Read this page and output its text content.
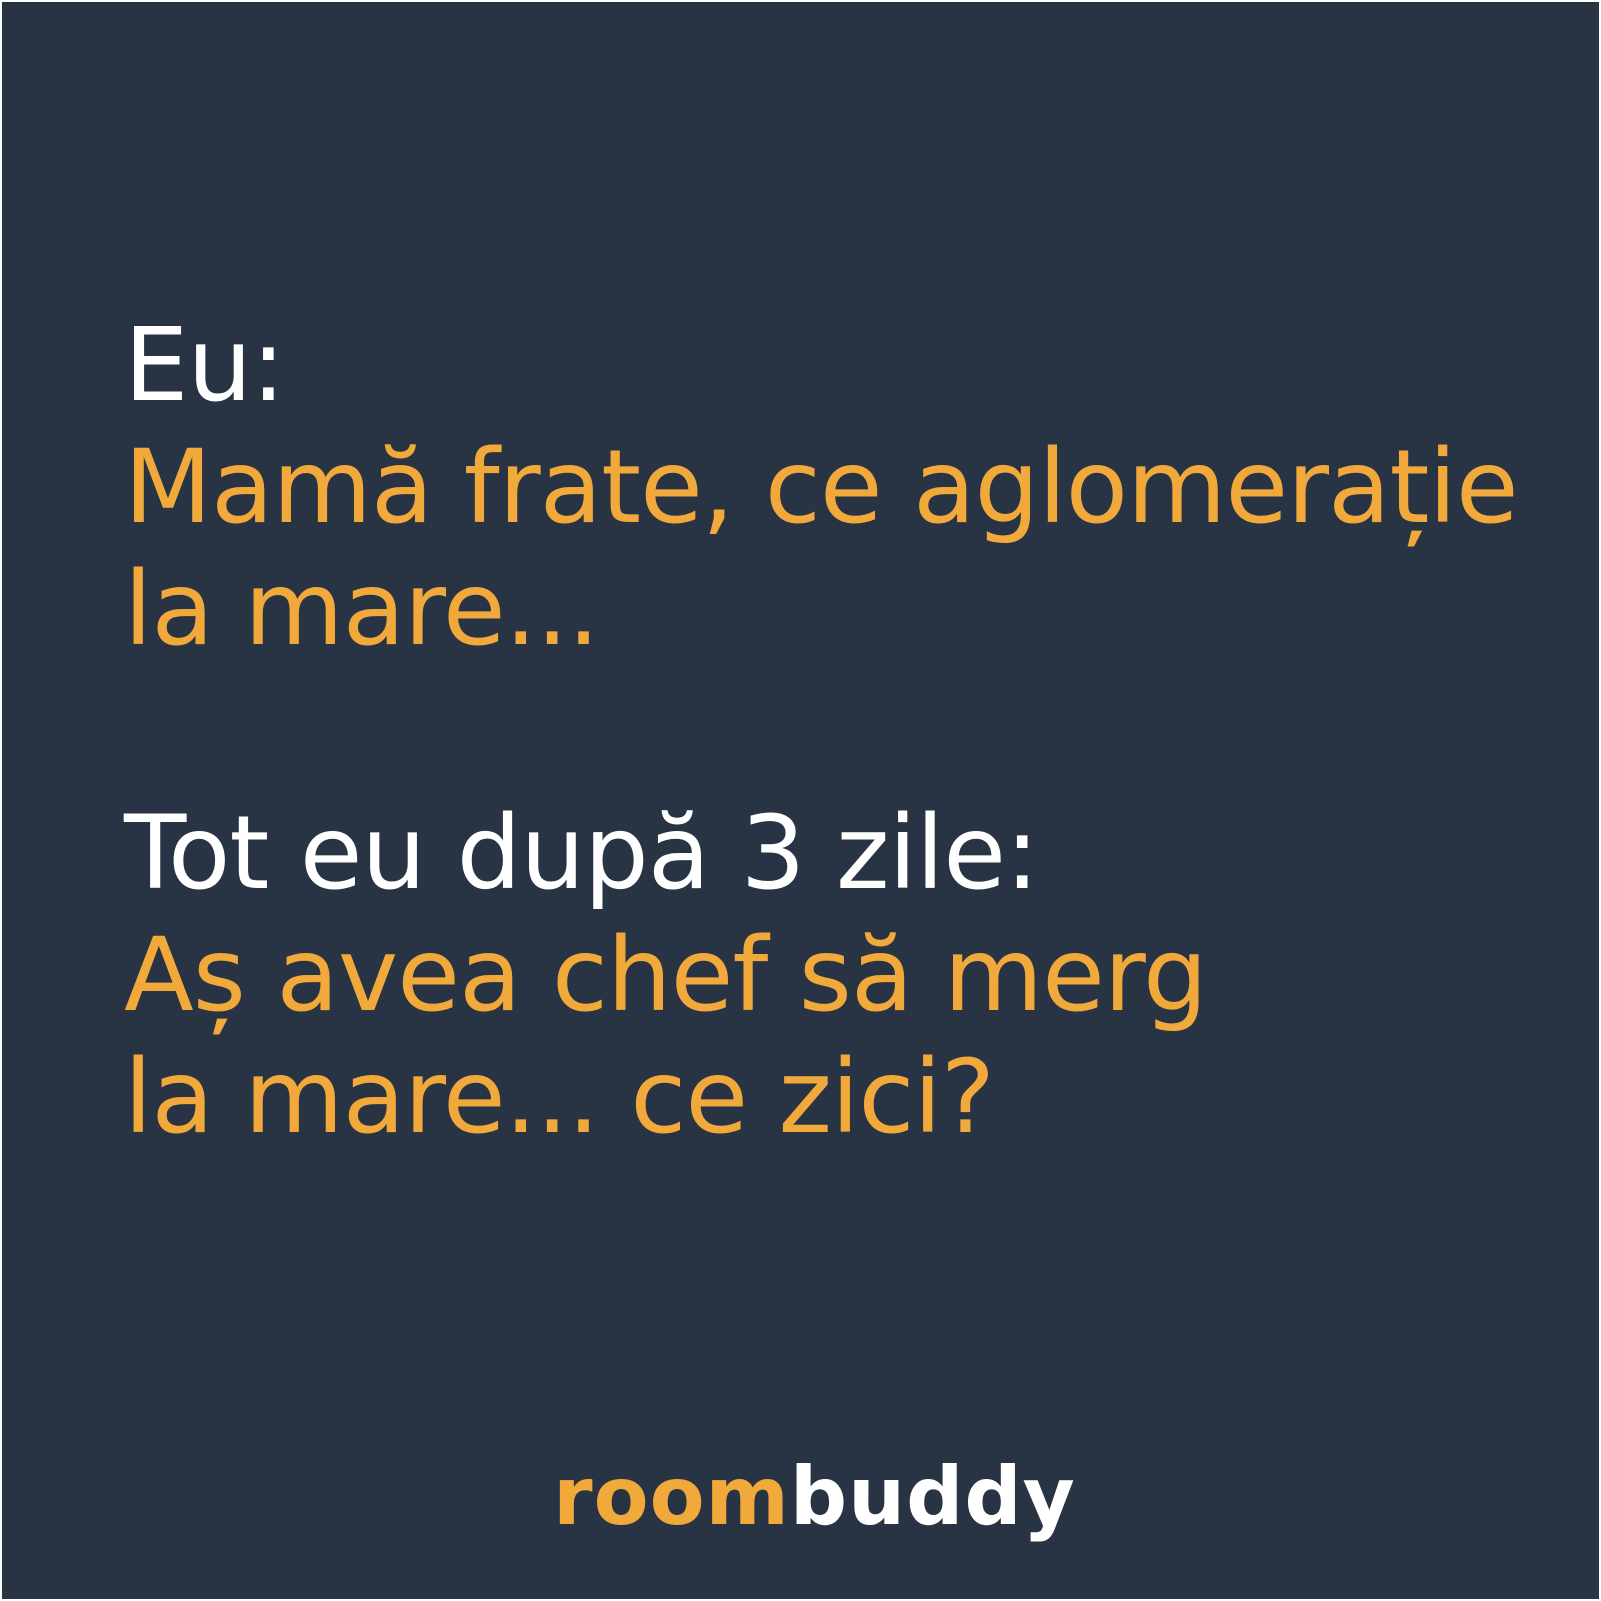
Eu:
Mamă frate, ce aglomerație
la mare...
Tot eu după 3 zile:
Aș avea chef să merg
la mare... ce zici?
roombuddy
